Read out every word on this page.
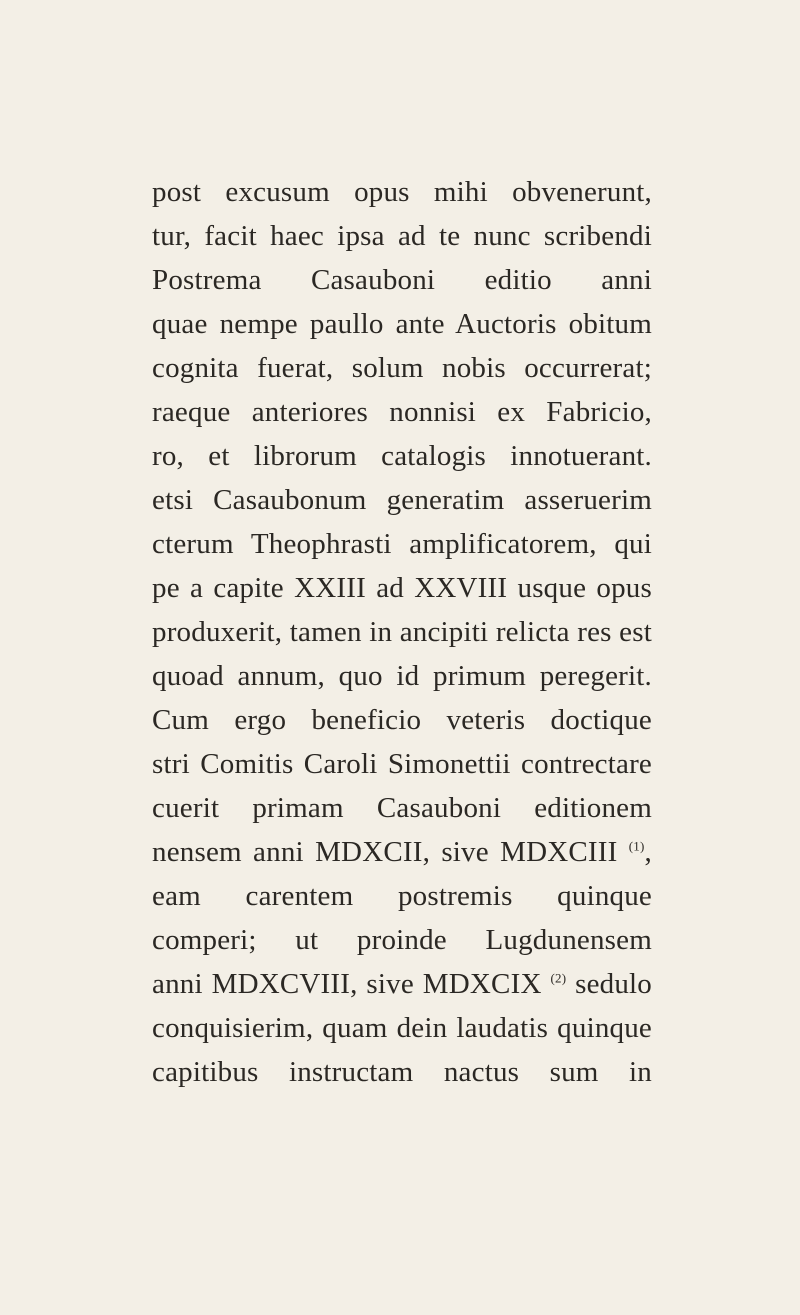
post excusum opus mihi obvenerunt,
tur, facit haec ipsa ad te nunc scribendi
Postrema Casauboni editio anni
quae nempe paullo ante Auctoris obitum
cognita fuerat, solum nobis occurrerat;
raeque anteriores nonnisi ex Fabricio,
ro, et librorum catalogis innotuerant.
etsi Casaubonum generatim asseruerim
cterum Theophrasti amplificatorem, qui
pe a capite XXIII ad XXVIII usque opus
produxerit, tamen in ancipiti relicta res est
quoad annum, quo id primum peregerit.
Cum ergo beneficio veteris doctique
stri Comitis Caroli Simonettii contrectare
cuerit primam Casauboni editionem
nensem anni MDXCII, sive MDXCIII $^{(1)}$,
eam carentem postremis quinque
comperi; ut proinde Lugdunensem
anni MDXCVIII, sive MDXCIX $^{(2)}$ sedulo
conquisierim, quam dein laudatis quinque
capitibus instructam nactus sum in
